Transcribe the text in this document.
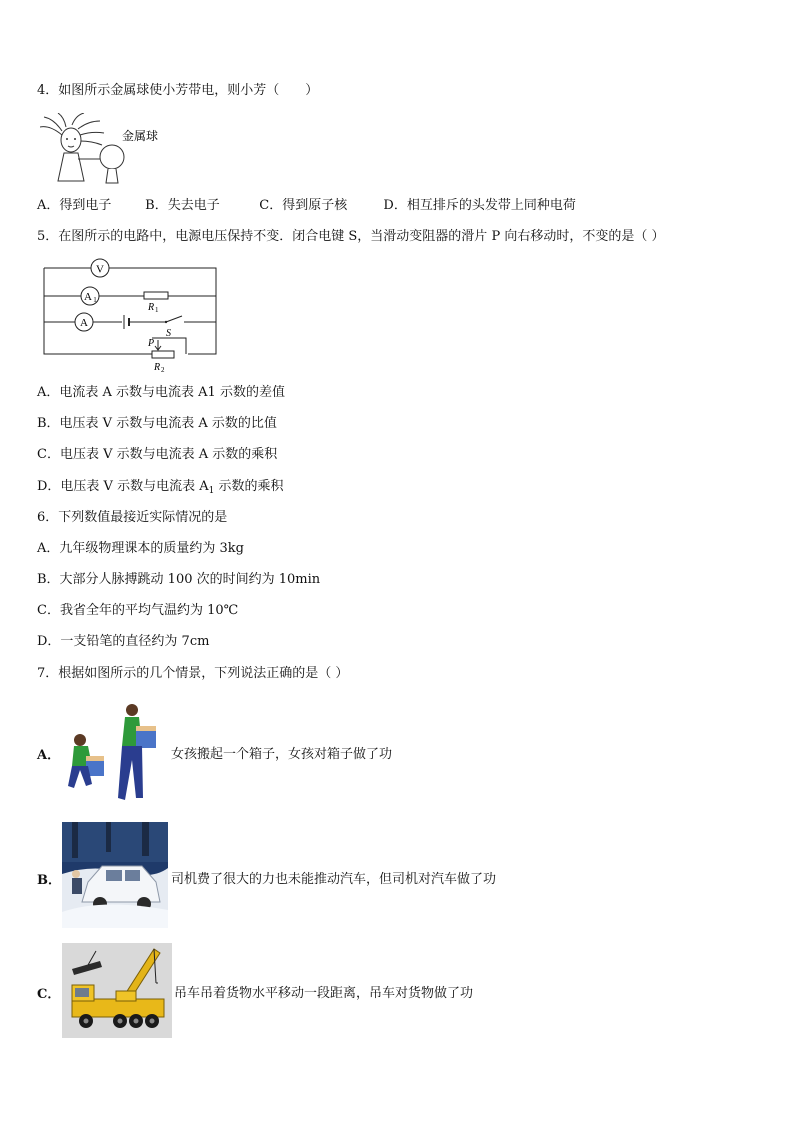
4．如图所示金属球使小芳带电，则小芳（　　）
金属球
A．得到电子	B．失去电子	C．得到原子核	D．相互排斥的头发带上同种电荷
5．在图所示的电路中，电源电压保持不变．闭合电键 S，当滑动变阻器的滑片 P 向右移动时，不变的是（ ）
V
A 1
R 1
A
S
P
R 2
A．电流表 A 示数与电流表 A1 示数的差值
B．电压表 V 示数与电流表 A 示数的比值
C．电压表 V 示数与电流表 A 示数的乘积
D．电压表 V 示数与电流表 $A_1$ 示数的乘积
6．下列数值最接近实际情况的是
A．九年级物理课本的质量约为 3kg
B．大部分人脉搏跳动 100 次的时间约为 10min
C．我省全年的平均气温约为 10℃
D．一支铅笔的直径约为 7cm
7．根据如图所示的几个情景，下列说法正确的是（ ）
A．	女孩搬起一个箱子，女孩对箱子做了功
B．	司机费了很大的力也未能推动汽车，但司机对汽车做了功
C．	吊车吊着货物水平移动一段距离，吊车对货物做了功
